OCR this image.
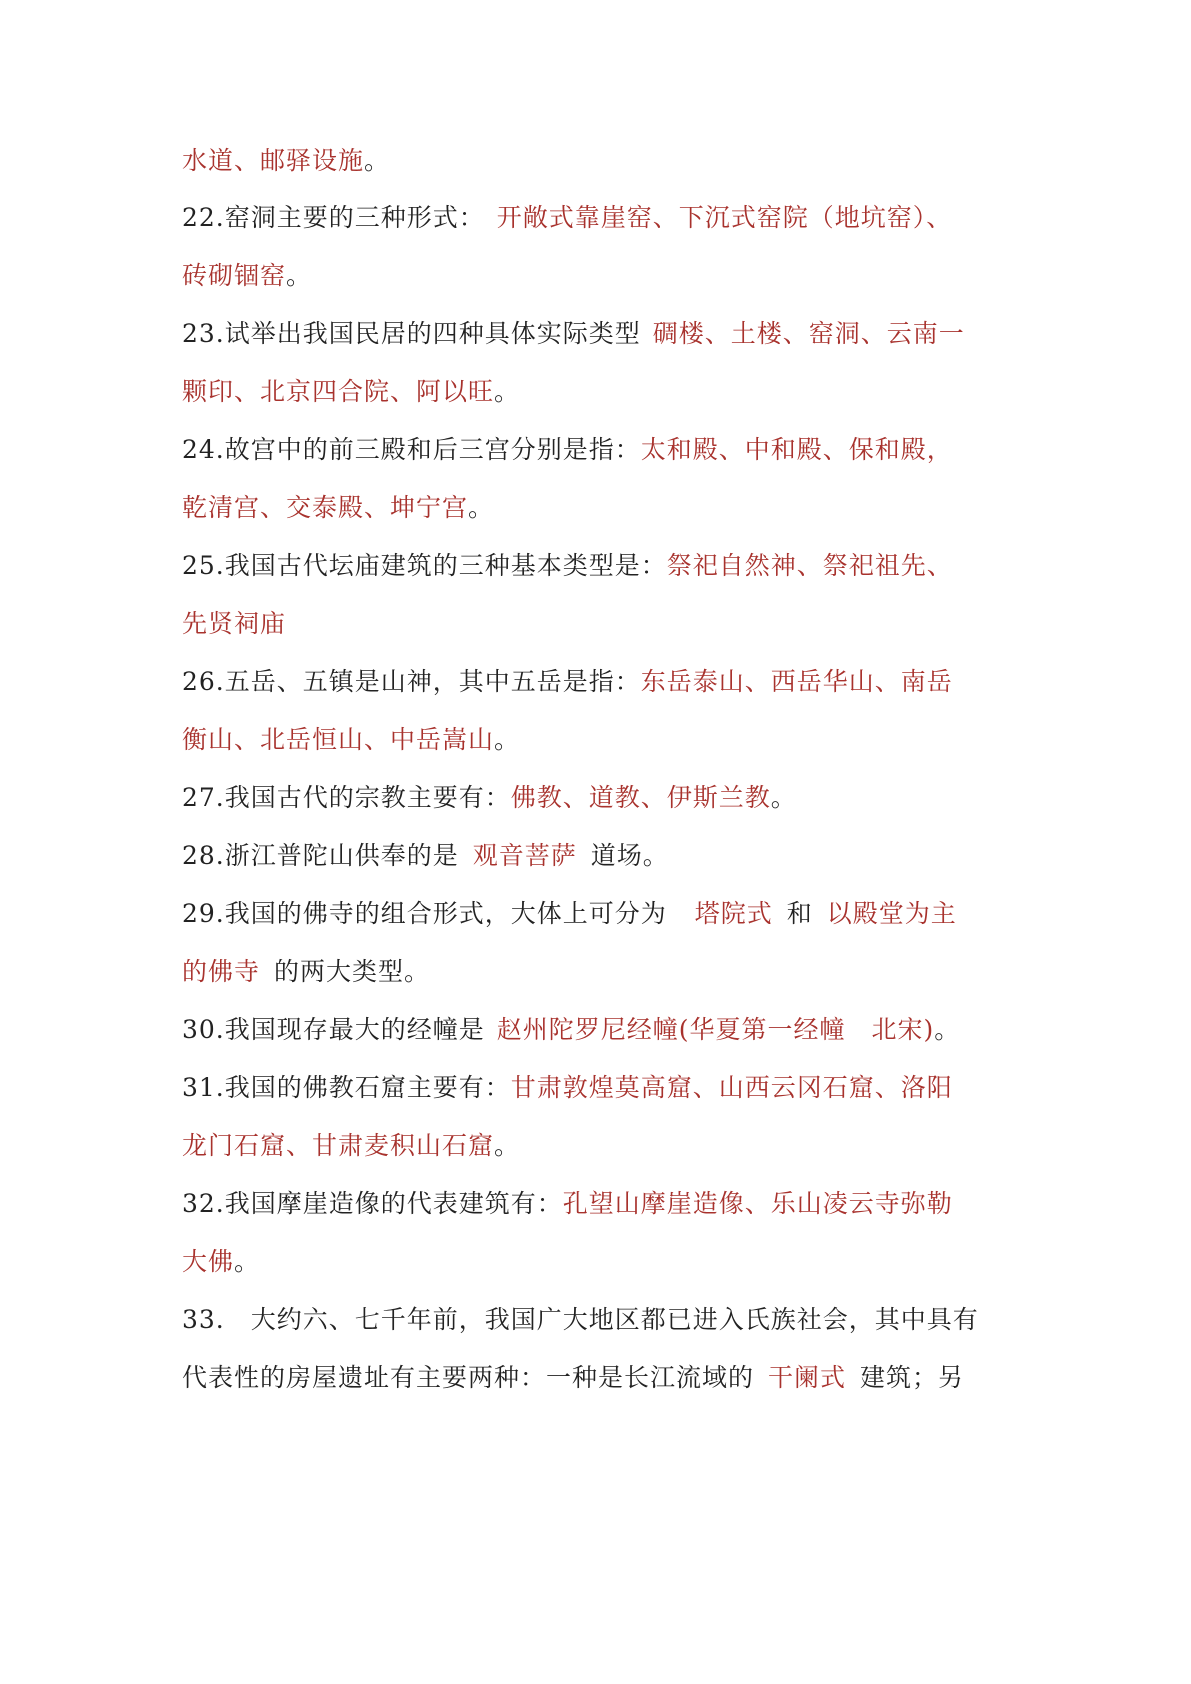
水道、邮驿设施。
22.窑洞主要的三种形式： 开敞式靠崖窑、下沉式窑院（地坑窑）、
砖砌锢窑。
23.试举出我国民居的四种具体实际类型 碉楼、土楼、窑洞、云南一
颗印、北京四合院、阿以旺。
24.故宫中的前三殿和后三宫分别是指：太和殿、中和殿、保和殿，
乾清宫、交泰殿、坤宁宫。
25.我国古代坛庙建筑的三种基本类型是：祭祀自然神、祭祀祖先、
先贤祠庙
26.五岳、五镇是山神，其中五岳是指：东岳泰山、西岳华山、南岳
衡山、北岳恒山、中岳嵩山。
27.我国古代的宗教主要有：佛教、道教、伊斯兰教。
28.浙江普陀山供奉的是 观音菩萨 道场。
29.我国的佛寺的组合形式，大体上可分为 塔院式 和 以殿堂为主
的佛寺 的两大类型。
30.我国现存最大的经幢是 赵州陀罗尼经幢(华夏第一经幢　北宋)。
31.我国的佛教石窟主要有：甘肃敦煌莫高窟、山西云冈石窟、洛阳
龙门石窟、甘肃麦积山石窟。
32.我国摩崖造像的代表建筑有：孔望山摩崖造像、乐山凌云寺弥勒
大佛。
33.　大约六、七千年前，我国广大地区都已进入氏族社会，其中具有
代表性的房屋遗址有主要两种：一种是长江流域的 干阑式 建筑；另
